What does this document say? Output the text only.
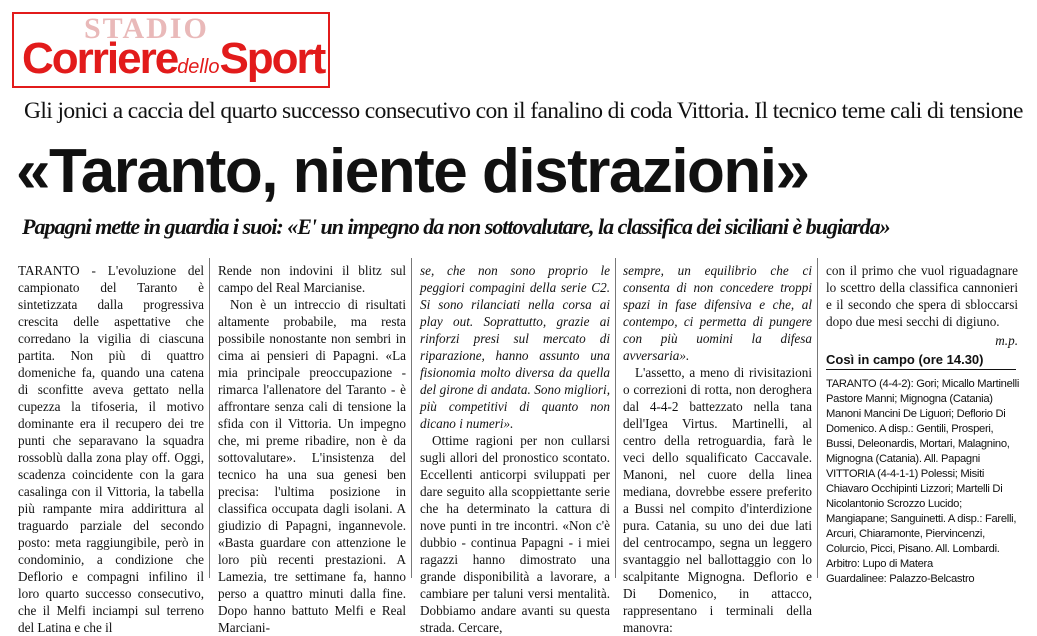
STADIO
CorrieredelloSport
Gli jonici a caccia del quarto successo consecutivo con il fanalino di coda Vittoria. Il tecnico teme cali di tensione
«Taranto, niente distrazioni»
Papagni mette in guardia i suoi: «E' un impegno da non sottovalutare, la classifica dei siciliani è bugiarda»

TARANTO - L'evoluzione del campionato del Taranto è sintetizzata dalla progressiva crescita delle aspettative che corredano la vigilia di ciascuna partita. Non più di quattro domeniche fa, quando una catena di sconfitte aveva gettato nella cupezza la tifoseria, il motivo dominante era il recupero dei tre punti che separavano la squadra rossoblù dalla zona play off. Oggi, scadenza coincidente con la gara casalinga con il Vittoria, la tabella più rampante mira addirittura al traguardo parziale del secondo posto: meta raggiungibile, però in condominio, a condizione che Deflorio e compagni infilino il loro quarto successo consecutivo, che il Melfi inciampi sul terreno del Latina e che il

Rende non indovini il blitz sul campo del Real Marcianise.

Non è un intreccio di risultati altamente probabile, ma resta possibile nonostante non sembri in cima ai pensieri di Papagni. «La mia principale preoccupazione - rimarca l'allenatore del Taranto - è affrontare senza cali di tensione la sfida con il Vittoria. Un impegno che, mi preme ribadire, non è da sottovalutare». L'insistenza del tecnico ha una sua genesi ben precisa: l'ultima posizione in classifica occupata dagli isolani. A giudizio di Papagni, ingannevole. «Basta guardare con attenzione le loro più recenti prestazioni. A Lamezia, tre settimane fa, hanno perso a quattro minuti dalla fine. Dopo hanno battuto Melfi e Real Marciani-

se, che non sono proprio le peggiori compagini della serie C2. Si sono rilanciati nella corsa ai play out. Soprattutto, grazie ai rinforzi presi sul mercato di riparazione, hanno assunto una fisionomia molto diversa da quella del girone di andata. Sono migliori, più competitivi di quanto non dicano i numeri».

Ottime ragioni per non cullarsi sugli allori del pronostico scontato. Eccellenti anticorpi sviluppati per dare seguito alla scoppiettante serie che ha determinato la cattura di nove punti in tre incontri. «Non c'è dubbio - continua Papagni - i miei ragazzi hanno dimostrato una grande disponibilità a lavorare, a cambiare per taluni versi mentalità. Dobbiamo andare avanti su questa strada. Cercare,

sempre, un equilibrio che ci consenta di non concedere troppi spazi in fase difensiva e che, al contempo, ci permetta di pungere con più uomini la difesa avversaria».

L'assetto, a meno di rivisitazioni o correzioni di rotta, non deroghera dal 4-4-2 battezzato nella tana dell'Igea Virtus. Martinelli, al centro della retroguardia, farà le veci dello squalificato Caccavale. Manoni, nel cuore della linea mediana, dovrebbe essere preferito a Bussi nel compito d'interdizione pura. Catania, su uno dei due lati del centrocampo, segna un leggero svantaggio nel ballottaggio con lo scalpitante Mignogna. Deflorio e Di Domenico, in attacco, rappresentano i terminali della manovra:

con il primo che vuol riguadagnare lo scettro della classifica cannonieri e il secondo che spera di sbloccarsi dopo due mesi secchi di digiuno.

m.p.
Così in campo (ore 14.30)

TARANTO (4-4-2): Gori; Micallo Martinelli Pastore Manni; Mignogna (Catania) Manoni Mancini De Liguori; Deflorio Di Domenico. A disp.: Gentili, Prosperi, Bussi, Deleonardis, Mortari, Malagnino, Mignogna (Catania). All. Papagni

VITTORIA (4-4-1-1) Polessi; Misiti Chiavaro Occhipinti Lizzori; Martelli Di Nicolantonio Scrozzo Lucido; Mangiapane; Sanguinetti. A disp.: Farelli, Arcuri, Chiaramonte, Piervincenzi, Colurcio, Picci, Pisano. All. Lombardi.

Arbitro: Lupo di Matera

Guardalinee: Palazzo-Belcastro
